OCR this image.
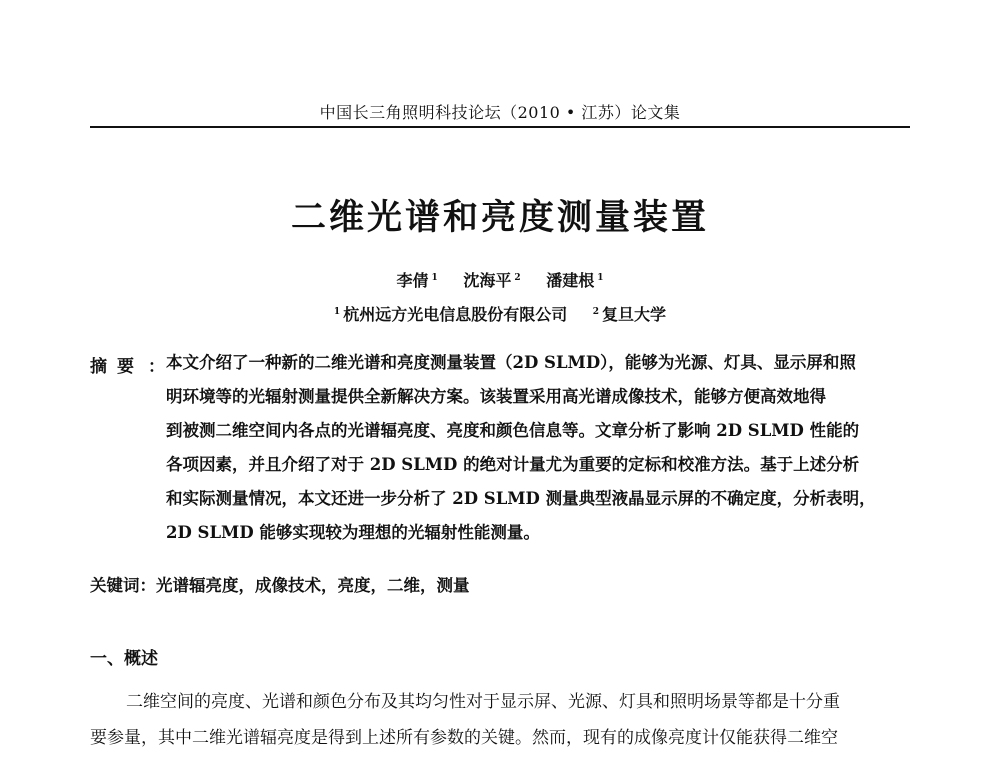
中国长三角照明科技论坛（2010 • 江苏）论文集
二维光谱和亮度测量装置
李倩 $^1$ 沈海平 $^2$ 潘建根 $^1$
$^1$ 杭州远方光电信息股份有限公司	$^2$ 复旦大学
摘要 ： 本文介绍了一种新的二维光谱和亮度测量装置（2D SLMD），能够为光源、灯具、显示屏和照
明环境等的光辐射测量提供全新解决方案。该装置采用高光谱成像技术，能够方便高效地得
到被测二维空间内各点的光谱辐亮度、亮度和颜色信息等。文章分析了影响 2D SLMD 性能的
各项因素，并且介绍了对于 2D SLMD 的绝对计量尤为重要的定标和校准方法。基于上述分析
和实际测量情况，本文还进一步分析了 2D SLMD 测量典型液晶显示屏的不确定度，分析表明，
2D SLMD 能够实现较为理想的光辐射性能测量。
关键词：光谱辐亮度，成像技术，亮度，二维，测量
一、概述
二维空间的亮度、光谱和颜色分布及其均匀性对于显示屏、光源、灯具和照明场景等都是十分重
要参量，其中二维光谱辐亮度是得到上述所有参数的关键。然而，现有的成像亮度计仅能获得二维空
